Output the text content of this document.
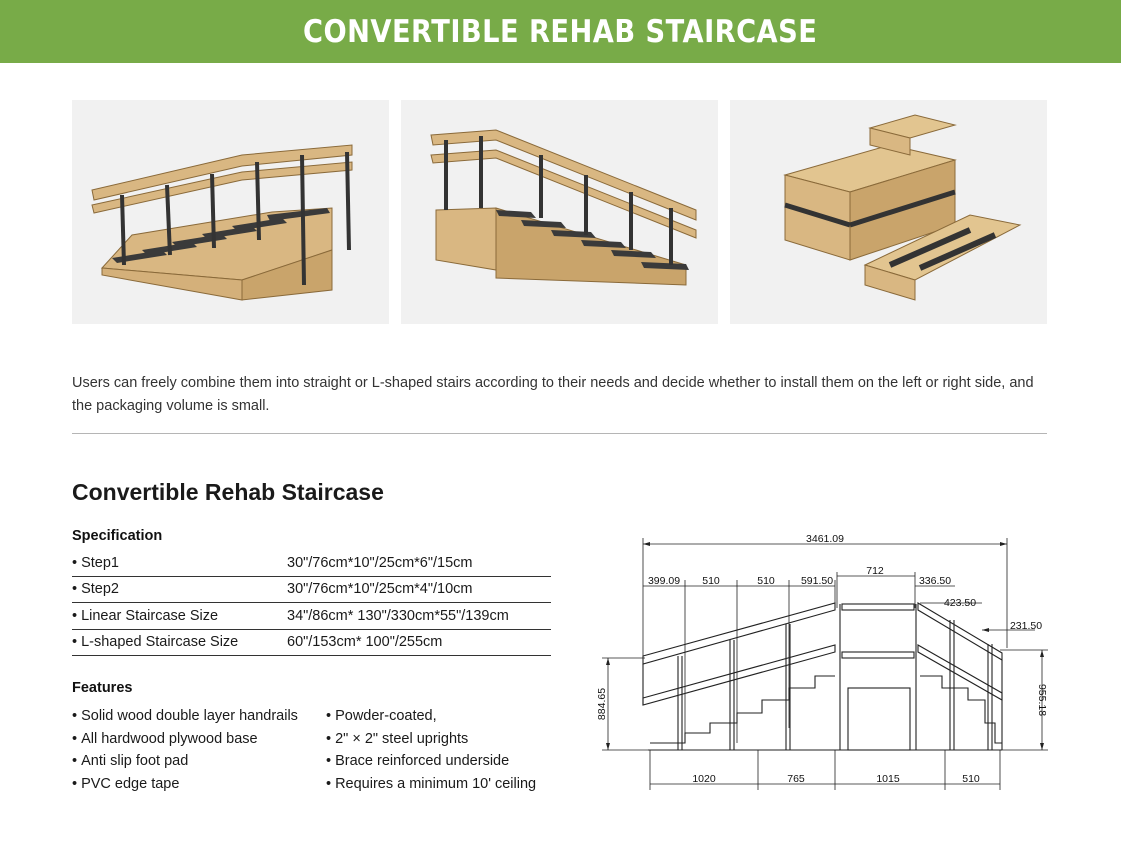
CONVERTIBLE REHAB STAIRCASE

Users can freely combine them into straight or L-shaped stairs according to their needs and decide whether to install them on the left or right side, and the packaging volume is small.

Convertible Rehab Staircase
Specification
• Step1	30"/76cm*10"/25cm*6"/15cm
• Step2	30"/76cm*10"/25cm*4"/10cm
• Linear Staircase Size	34"/86cm* 130"/330cm*55"/139cm
• L-shaped Staircase Size	60"/153cm* 100"/255cm
Features
• Solid wood double layer handrails
• All hardwood plywood base
• Anti slip foot pad
• PVC edge tape
• Powder-coated,
• 2" × 2" steel uprights
• Brace reinforced underside
• Requires a minimum 10' ceiling
3461.09
399.09 510	510 591.50
712
336.50
423.50
231.50
884.65	955.18
1020	765	1015	510
